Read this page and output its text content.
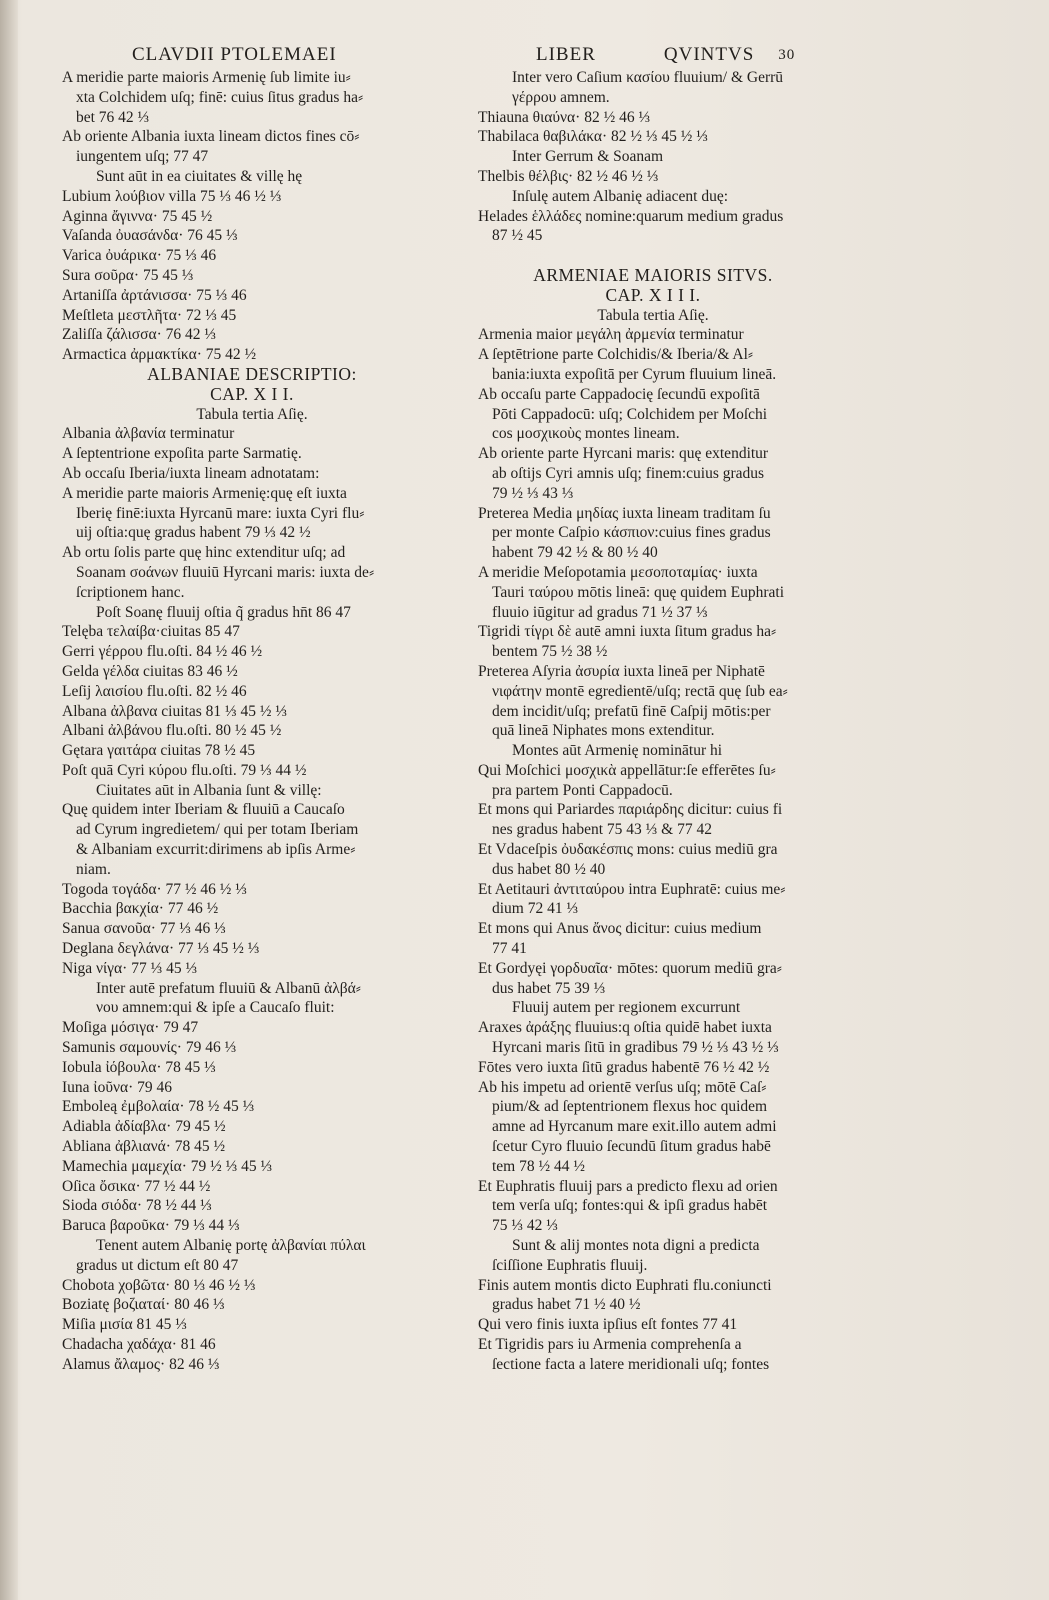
CLAVDII PTOLEMAEI
A meridie parte maioris Armenię ſub limite iu⸗
xta Colchidem uſq; finē: cuius ſitus gradus ha⸗
bet 76 42 ⅓
Ab oriente Albania iuxta lineam dictos fines cō⸗
iungentem uſq; 77 47
Sunt aūt in ea ciuitates & villę hę
Lubium λούβιον villa 75 ⅓ 46 ½ ⅓
Aginna ἄγιννα· 75 45 ½
Vaſanda ὀυασάνδα· 76 45 ⅓
Varica ὀυάρικα· 75 ⅓ 46
Sura σοῦρα· 75 45 ⅓
Artaniſſa ἀρτάνισσα· 75 ⅓ 46
Meſtleta μεστλῆτα· 72 ⅓ 45
Zaliſſa ζάλισσα· 76 42 ⅓
Armactica ἀρμακτίκα· 75 42 ½
ALBANIAE DESCRIPTIO:
CAP. X I I.
Tabula tertia Aſię.
Albania ἀλβανία terminatur
A ſeptentrione expoſita parte Sarmatię.
Ab occaſu Iberia/iuxta lineam adnotatam:
A meridie parte maioris Armenię:quę eſt iuxta
Iberię finē:iuxta Hyrcanū mare: iuxta Cyri flu⸗
uij oſtia:quę gradus habent 79 ⅓ 42 ½
Ab ortu ſolis parte quę hinc extenditur uſq; ad
Soanam σοάνων fluuiū Hyrcani maris: iuxta de⸗
ſcriptionem hanc.
Poſt Soanę fluuij oſtia q̃ gradus hn̄t 86 47
Telęba τελαίβα·ciuitas 85 47
Gerri γέρρου flu.oſti. 84 ½ 46 ½
Gelda γέλδα ciuitas 83 46 ½
Leſij λαισίου flu.oſti. 82 ½ 46
Albana ἀλβανα ciuitas 81 ⅓ 45 ½ ⅓
Albani ἀλβάνου flu.oſti. 80 ½ 45 ½
Gętara γαιτάρα ciuitas 78 ½ 45
Poſt quā Cyri κύρου flu.oſti. 79 ⅓ 44 ½
Ciuitates aūt in Albania ſunt & villę:
Quę quidem inter Iberiam & fluuiū a Caucaſo
ad Cyrum ingredietem/ qui per totam Iberiam
& Albaniam excurrit:dirimens ab ipſis Arme⸗
niam.
Togoda τογάδα· 77 ½ 46 ½ ⅓
Bacchia βακχία· 77 46 ½
Sanua σανοῦα· 77 ⅓ 46 ⅓
Deglana δεγλάνα· 77 ⅓ 45 ½ ⅓
Niga νίγα· 77 ⅓ 45 ⅓
Inter autē prefatum fluuiū & Albanū ἀλβά⸗
νου amnem:qui & ipſe a Caucaſo fluit:
Moſiga μόσιγα· 79 47
Samunis σαμουνίς· 79 46 ⅓
Iobula ἰόβουλα· 78 45 ⅓
Iuna ἰοῦνα· 79 46
Emboleą ἐμβολαία· 78 ½ 45 ⅓
Adiabla ἀδίαβλα· 79 45 ½
Abliana ἀβλιανά· 78 45 ½
Mamechia μαμεχία· 79 ½ ⅓ 45 ⅓
Oſica ὄσικα· 77 ½ 44 ½
Sioda σιόδα· 78 ½ 44 ⅓
Baruca βαροῦκα· 79 ⅓ 44 ⅓
Tenent autem Albanię portę ἀλβανίαι πύλαι
gradus ut dictum eſt 80 47
Chobota χοβῶτα· 80 ⅓ 46 ½ ⅓
Boziatę βοζιαταί· 80 46 ⅓
Miſia μισία 81 45 ⅓
Chadacha χαδάχα· 81 46
Alamus ἄλαμος· 82 46 ⅓
LIBER	QVINTVS 30
Inter vero Caſium κασίου fluuium/ & Gerrū
γέρρου amnem.
Thiauna θιαύνα· 82 ½ 46 ⅓
Thabilaca θαβιλάκα· 82 ½ ⅓ 45 ½ ⅓
Inter Gerrum & Soanam
Thelbis θέλβις· 82 ½ 46 ½ ⅓
Inſulę autem Albanię adiacent duę:
Helades ἑλλάδες nomine:quarum medium gradus
87 ½ 45
ARMENIAE MAIORIS SITVS.
CAP. X I I I.
Tabula tertia Aſię.
Armenia maior μεγάλη ἀρμενία terminatur
A ſeptētrione parte Colchidis/& Iberia/& Al⸗
bania:iuxta expoſitā per Cyrum fluuium lineā.
Ab occaſu parte Cappadocię ſecundū expoſitā
Pōti Cappadocū: uſq; Colchidem per Moſchi
cos μοσχικοὺς montes lineam.
Ab oriente parte Hyrcani maris: quę extenditur
ab oſtijs Cyri amnis uſq; finem:cuius gradus
79 ½ ⅓ 43 ⅓
Preterea Media μηδίας iuxta lineam traditam ſu
per monte Caſpio κάσπιον:cuius fines gradus
habent 79 42 ½ & 80 ½ 40
A meridie Meſopotamia μεσοποταμίας· iuxta
Tauri ταύρου mōtis lineā: quę quidem Euphrati
fluuio iūgitur ad gradus 71 ½ 37 ⅓
Tigridi τίγρι δὲ autē amni iuxta ſitum gradus ha⸗
bentem 75 ½ 38 ½
Preterea Aſyria ἀσυρία iuxta lineā per Niphatē
νιφάτην montē egredientē/uſq; rectā quę ſub ea⸗
dem incidit/uſq; prefatū finē Caſpij mōtis:per
quā lineā Niphates mons extenditur.
Montes aūt Armenię nominātur hi
Qui Moſchici μοσχικὰ appellātur:ſe efferētes ſu⸗
pra partem Ponti Cappadocū.
Et mons qui Pariardes παριάρδης dicitur: cuius fi
nes gradus habent 75 43 ⅓ & 77 42
Et Vdaceſpis ὀυδακέσπις mons: cuius mediū gra
dus habet 80 ½ 40
Et Aetitauri ἀντιταύρου intra Euphratē: cuius me⸗
dium 72 41 ⅓
Et mons qui Anus ἄνος dicitur: cuius medium
77 41
Et Gordyęi γορδυαῖα· mōtes: quorum mediū gra⸗
dus habet 75 39 ⅓
Fluuij autem per regionem excurrunt
Araxes ἀράξης fluuius:q oſtia quidē habet iuxta
Hyrcani maris ſitū in gradibus 79 ½ ⅓ 43 ½ ⅓
Fōtes vero iuxta ſitū gradus habentē 76 ½ 42 ½
Ab his impetu ad orientē verſus uſq; mōtē Caſ⸗
pium/& ad ſeptentrionem flexus hoc quidem
amne ad Hyrcanum mare exit.illo autem admi
ſcetur Cyro fluuio ſecundū ſitum gradus habē
tem 78 ½ 44 ½
Et Euphratis fluuij pars a predicto flexu ad orien
tem verſa uſq; fontes:qui & ipſi gradus habēt
75 ⅓ 42 ⅓
Sunt & alij montes nota digni a predicta
ſciſſione Euphratis fluuij.
Finis autem montis dicto Euphrati flu.coniuncti
gradus habet 71 ½ 40 ½
Qui vero finis iuxta ipſius eſt fontes 77 41
Et Tigridis pars iu Armenia comprehenſa a
ſectione facta a latere meridionali uſq; fontes
